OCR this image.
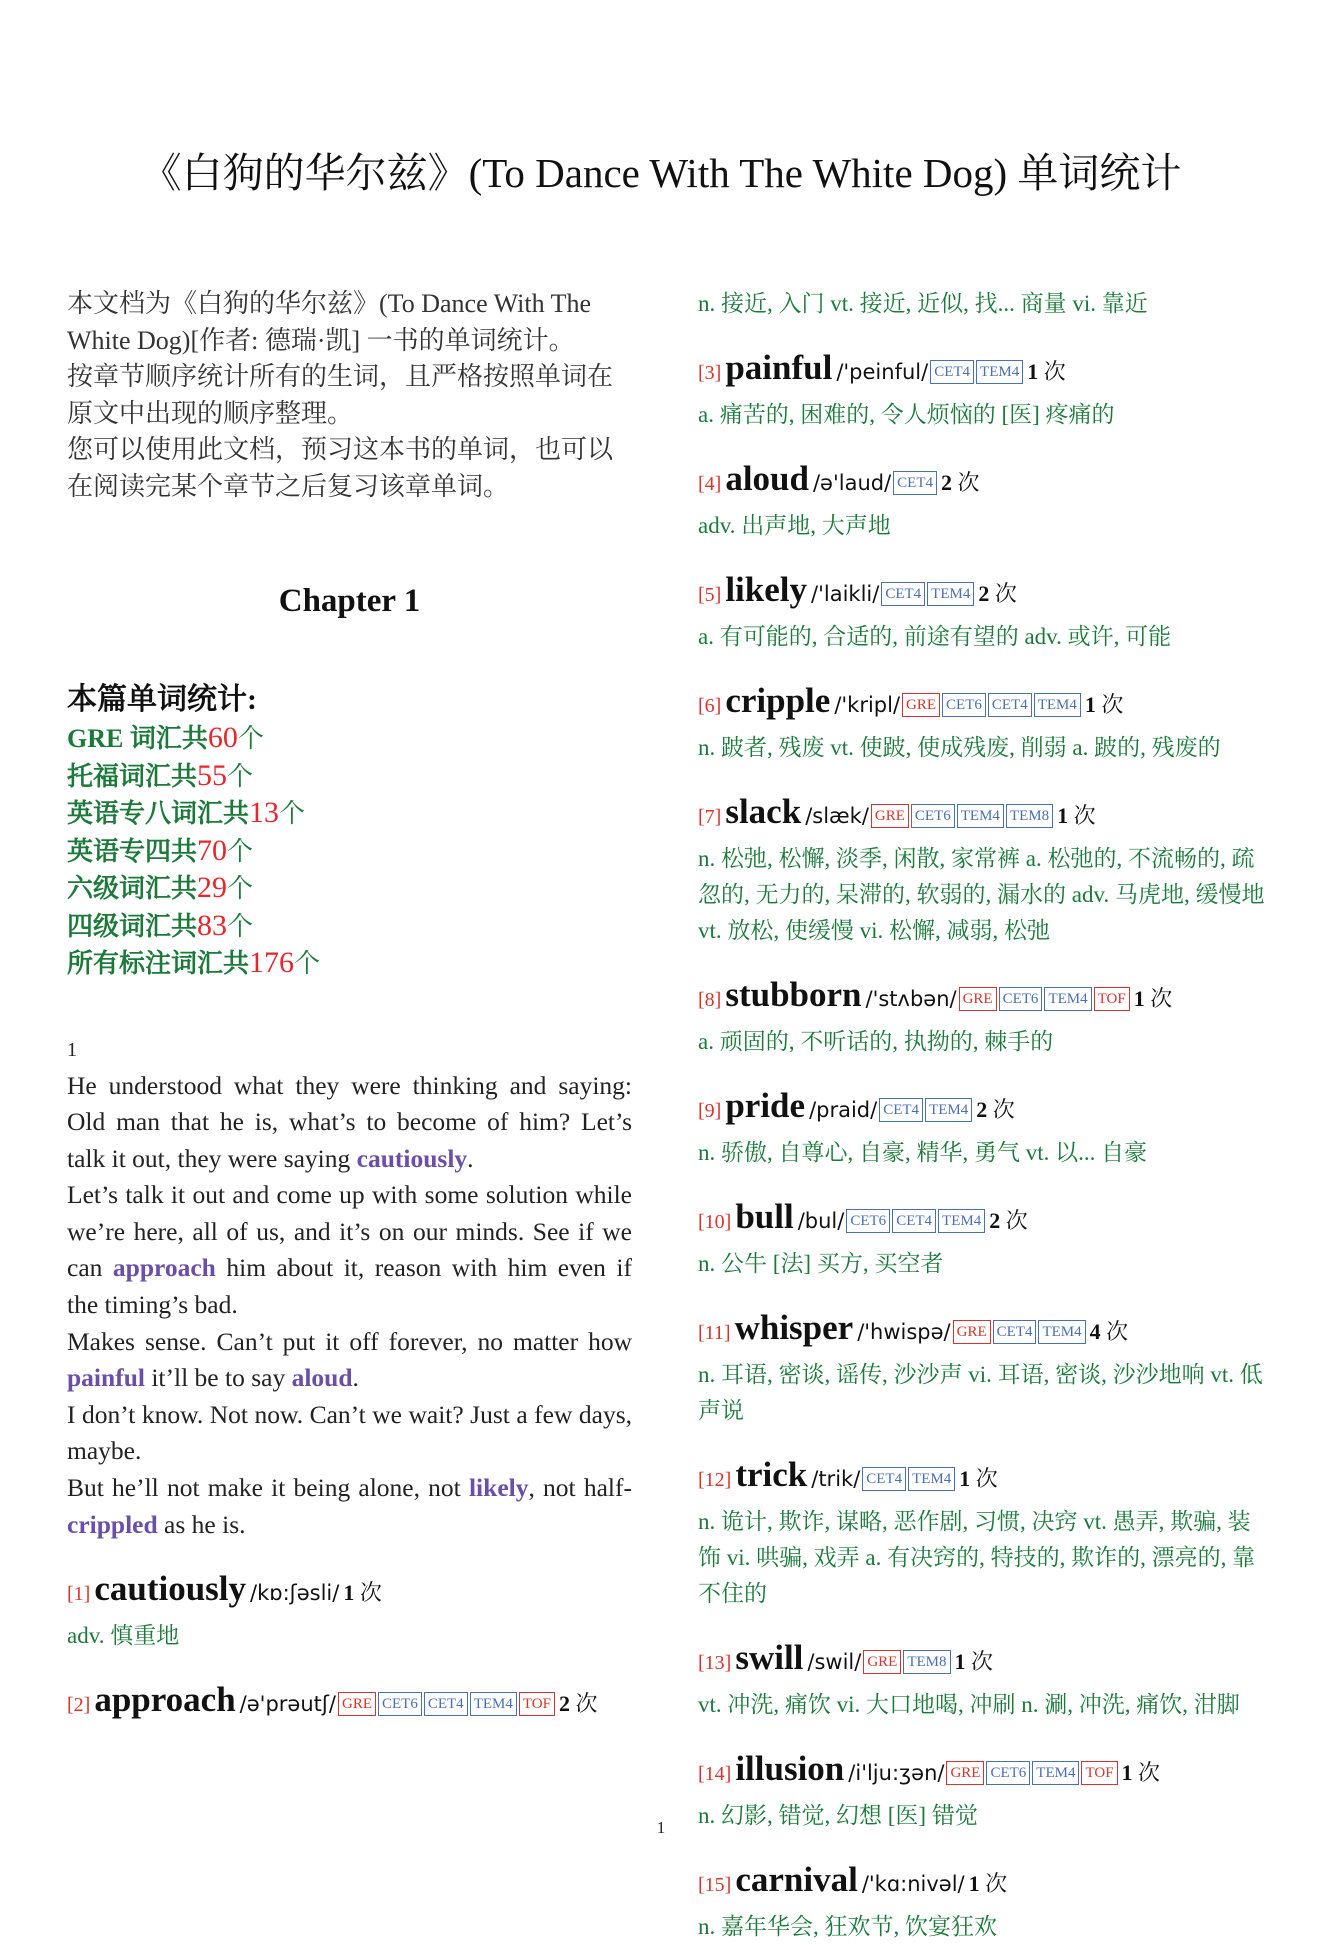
《白狗的华尔兹》(To Dance With The White Dog) 单词统计

本文档为《白狗的华尔兹》(To Dance With The White Dog)[作者: 德瑞·凯] 一书的单词统计。

按章节顺序统计所有的生词，且严格按照单词在原文中出现的顺序整理。

您可以使用此文档，预习这本书的单词，也可以在阅读完某个章节之后复习该章单词。

Chapter 1
本篇单词统计:
GRE 词汇共60个
托福词汇共55个
英语专八词汇共13个
英语专四共70个
六级词汇共29个
四级词汇共83个
所有标注词汇共176个
1

He understood what they were thinking and saying: Old man that he is, what’s to become of him? Let’s talk it out, they were saying cautiously.

Let’s talk it out and come up with some solution while we’re here, all of us, and it’s on our minds. See if we can approach him about it, reason with him even if the timing’s bad.

Makes sense. Can’t put it off forever, no matter how painful it’ll be to say aloud.

I don’t know. Not now. Can’t we wait? Just a few days, maybe.

But he’ll not make it being alone, not likely, not half-crippled as he is.

[1] cautiously /kɒ:ʃəsli/ 1 次
adv. 慎重地
[2] approach /ə'prəutʃ/ GRE CET6 CET4 TEM4 TOF 2 次
n. 接近, 入门 vt. 接近, 近似, 找... 商量 vi. 靠近
[3] painful /'peinful/ CET4 TEM4 1 次
a. 痛苦的, 困难的, 令人烦恼的 [医] 疼痛的
[4] aloud /ə'laud/ CET4 2 次
adv. 出声地, 大声地
[5] likely /'laikli/ CET4 TEM4 2 次
a. 有可能的, 合适的, 前途有望的 adv. 或许, 可能
[6] cripple /'kripl/ GRE CET6 CET4 TEM4 1 次
n. 跛者, 残废 vt. 使跛, 使成残废, 削弱 a. 跛的, 残废的
[7] slack /slæk/ GRE CET6 TEM4 TEM8 1 次
n. 松弛, 松懈, 淡季, 闲散, 家常裤 a. 松弛的, 不流畅的, 疏忽的, 无力的, 呆滞的, 软弱的, 漏水的 adv. 马虎地, 缓慢地 vt. 放松, 使缓慢 vi. 松懈, 减弱, 松弛
[8] stubborn /'stʌbən/ GRE CET6 TEM4 TOF 1 次
a. 顽固的, 不听话的, 执拗的, 棘手的
[9] pride /praid/ CET4 TEM4 2 次
n. 骄傲, 自尊心, 自豪, 精华, 勇气 vt. 以... 自豪
[10] bull /bul/ CET6 CET4 TEM4 2 次
n. 公牛 [法] 买方, 买空者
[11] whisper /'hwispə/ GRE CET4 TEM4 4 次
n. 耳语, 密谈, 谣传, 沙沙声 vi. 耳语, 密谈, 沙沙地响 vt. 低声说
[12] trick /trik/ CET4 TEM4 1 次
n. 诡计, 欺诈, 谋略, 恶作剧, 习惯, 决窍 vt. 愚弄, 欺骗, 装饰 vi. 哄骗, 戏弄 a. 有决窍的, 特技的, 欺诈的, 漂亮的, 靠不住的
[13] swill /swil/ GRE TEM8 1 次
vt. 冲洗, 痛饮 vi. 大口地喝, 冲刷 n. 涮, 冲洗, 痛饮, 泔脚
[14] illusion /i'lju:ʒən/ GRE CET6 TEM4 TOF 1 次
n. 幻影, 错觉, 幻想 [医] 错觉
[15] carnival /'kɑ:nivəl/ 1 次
n. 嘉年华会, 狂欢节, 饮宴狂欢
1
